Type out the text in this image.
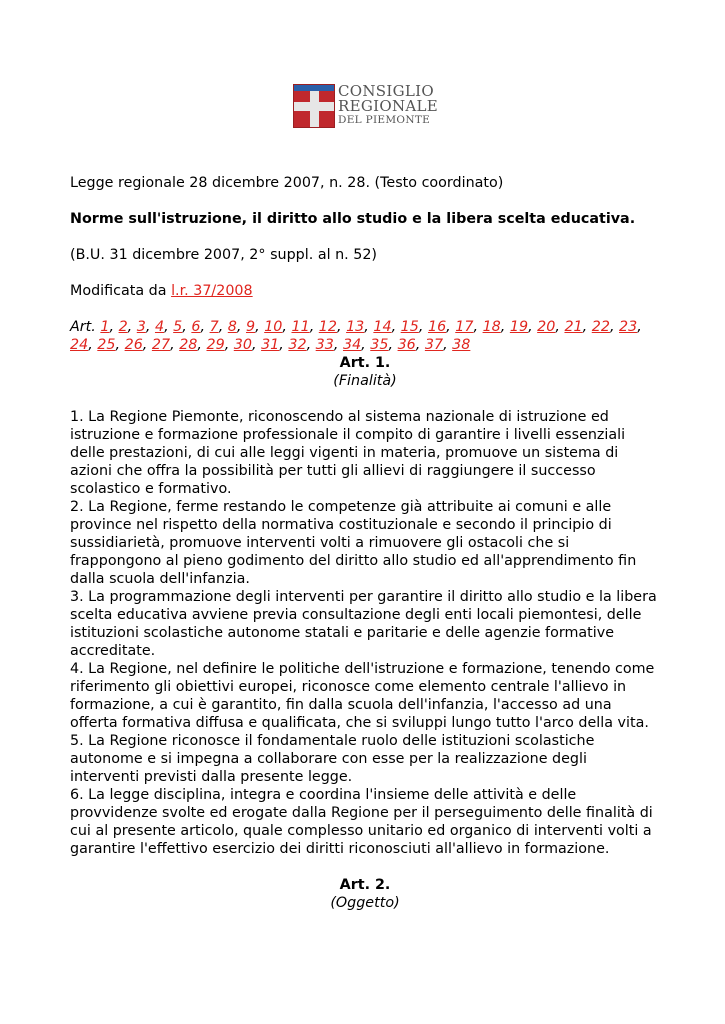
CONSIGLIO
REGIONALE
DEL PIEMONTE

Legge regionale 28 dicembre 2007, n. 28. (Testo coordinato)

Norme sull'istruzione, il diritto allo studio e la libera scelta educativa.

(B.U. 31 dicembre 2007, 2° suppl. al n. 52)

Modificata da l.r. 37/2008

Art. 1, 2, 3, 4, 5, 6, 7, 8, 9, 10, 11, 12, 13, 14, 15, 16, 17, 18, 19, 20, 21, 22, 23, 24, 25, 26, 27, 28, 29, 30, 31, 32, 33, 34, 35, 36, 37, 38

Art. 1.

(Finalità)

1. La Regione Piemonte, riconoscendo al sistema nazionale di istruzione ed istruzione e formazione professionale il compito di garantire i livelli essenziali delle prestazioni, di cui alle leggi vigenti in materia, promuove un sistema di azioni che offra la possibilità per tutti gli allievi di raggiungere il successo scolastico e formativo.

2. La Regione, ferme restando le competenze già attribuite ai comuni e alle province nel rispetto della normativa costituzionale e secondo il principio di sussidiarietà, promuove interventi volti a rimuovere gli ostacoli che si frappongono al pieno godimento del diritto allo studio ed all'apprendimento fin dalla scuola dell'infanzia.

3. La programmazione degli interventi per garantire il diritto allo studio e la libera scelta educativa avviene previa consultazione degli enti locali piemontesi, delle istituzioni scolastiche autonome statali e paritarie e delle agenzie formative accreditate.

4. La Regione, nel definire le politiche dell'istruzione e formazione, tenendo come riferimento gli obiettivi europei, riconosce come elemento centrale l'allievo in formazione, a cui è garantito, fin dalla scuola dell'infanzia, l'accesso ad una offerta formativa diffusa e qualificata, che si sviluppi lungo tutto l'arco della vita.

5. La Regione riconosce il fondamentale ruolo delle istituzioni scolastiche autonome e si impegna a collaborare con esse per la realizzazione degli interventi previsti dalla presente legge.

6. La legge disciplina, integra e coordina l'insieme delle attività e delle provvidenze svolte ed erogate dalla Regione per il perseguimento delle finalità di cui al presente articolo, quale complesso unitario ed organico di interventi volti a garantire l'effettivo esercizio dei diritti riconosciuti all'allievo in formazione.

Art. 2.

(Oggetto)
